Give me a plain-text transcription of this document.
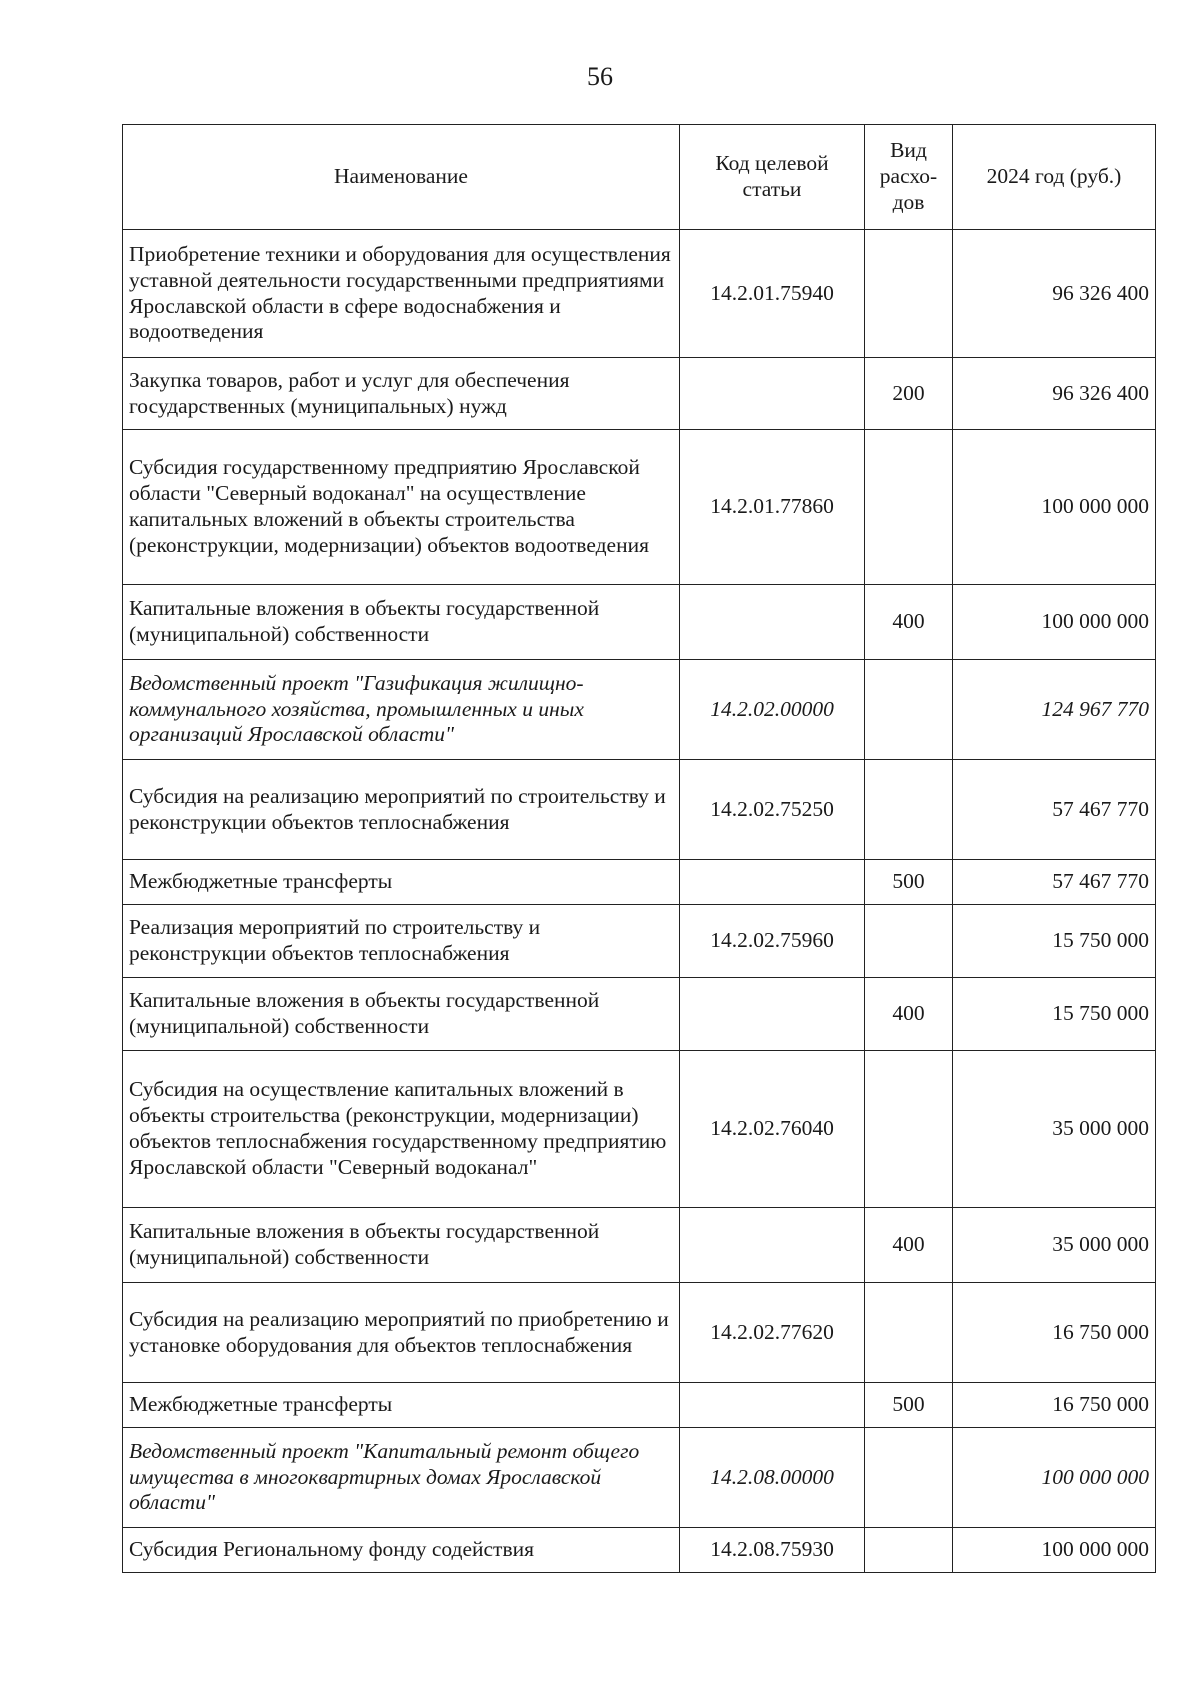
56
Наименование	Код целевой статьи	Вид расхо-дов	2024 год (руб.)
Приобретение техники и оборудования для осуществления уставной деятельности государственными предприятиями Ярославской области в сфере водоснабжения и водоотведения	14.2.01.75940		96 326 400
Закупка товаров, работ и услуг для обеспечения государственных (муниципальных) нужд		200	96 326 400
Субсидия государственному предприятию Ярославской области "Северный водоканал" на осуществление капитальных вложений в объекты строительства (реконструкции, модернизации) объектов водоотведения	14.2.01.77860		100 000 000
Капитальные вложения в объекты государственной (муниципальной) собственности		400	100 000 000
Ведомственный проект "Газификация жилищно-коммунального хозяйства, промышленных и иных организаций Ярославской области"	14.2.02.00000		124 967 770
Субсидия на реализацию мероприятий по строительству и реконструкции объектов теплоснабжения	14.2.02.75250		57 467 770
Межбюджетные трансферты		500	57 467 770
Реализация мероприятий по строительству и реконструкции объектов теплоснабжения	14.2.02.75960		15 750 000
Капитальные вложения в объекты государственной (муниципальной) собственности		400	15 750 000
Субсидия на осуществление капитальных вложений в объекты строительства (реконструкции, модернизации) объектов теплоснабжения государственному предприятию Ярославской области "Северный водоканал"	14.2.02.76040		35 000 000
Капитальные вложения в объекты государственной (муниципальной) собственности		400	35 000 000
Субсидия на реализацию мероприятий по приобретению и установке оборудования для объектов теплоснабжения	14.2.02.77620		16 750 000
Межбюджетные трансферты		500	16 750 000
Ведомственный проект "Капитальный ремонт общего имущества в многоквартирных домах Ярославской области"	14.2.08.00000		100 000 000
Субсидия Региональному фонду содействия	14.2.08.75930		100 000 000
